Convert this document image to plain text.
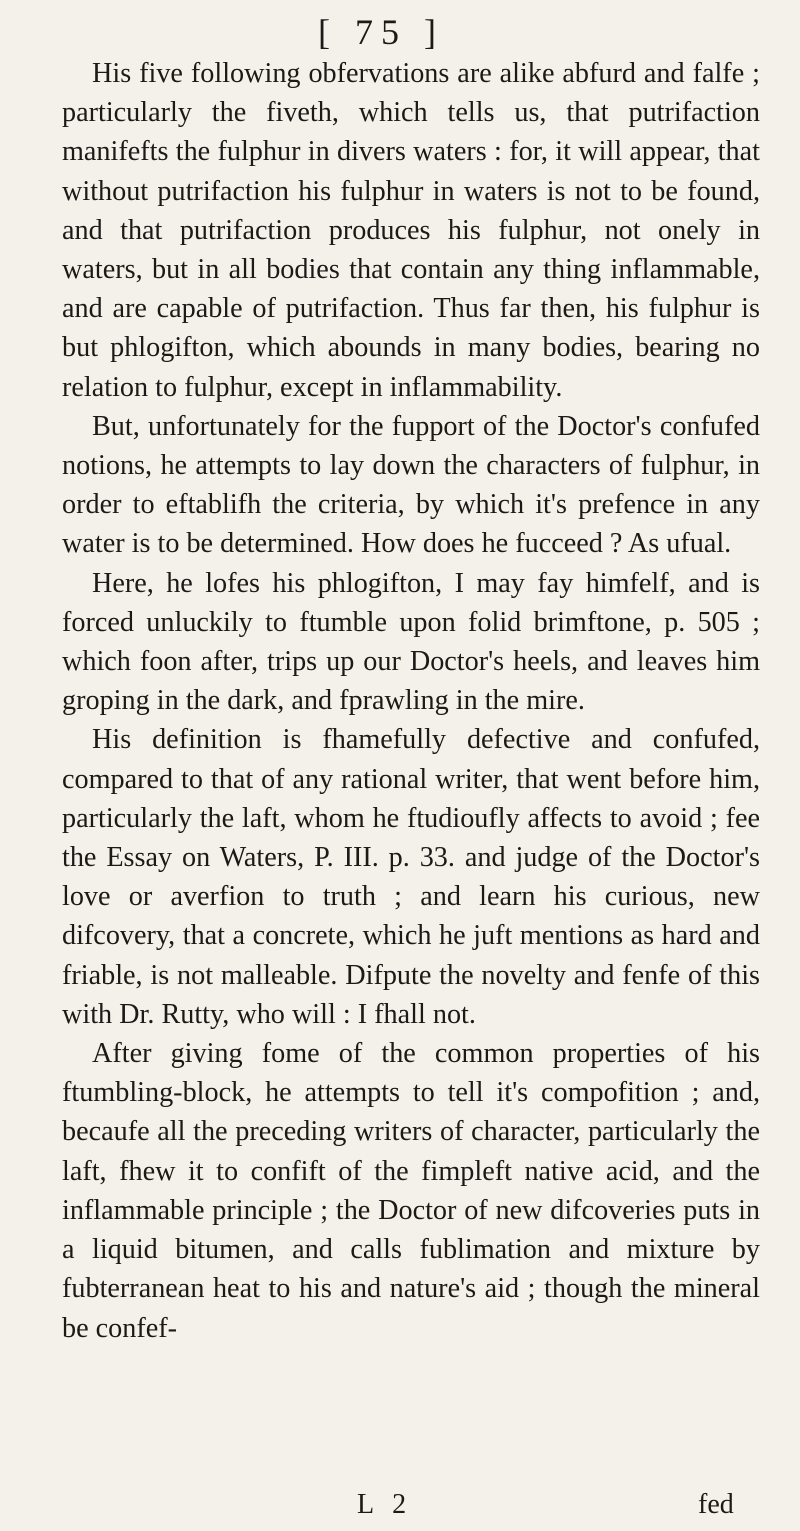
[ 75 ]

His five following obfervations are alike abfurd and falfe ; particularly the fiveth, which tells us, that putrifaction manifefts the fulphur in divers waters : for, it will appear, that without putrifaction his fulphur in waters is not to be found, and that putrifaction produces his fulphur, not onely in waters, but in all bodies that contain any thing inflammable, and are capable of putrifaction. Thus far then, his fulphur is but phlogifton, which abounds in many bodies, bearing no relation to fulphur, except in inflammability.

But, unfortunately for the fupport of the Doctor's confufed notions, he attempts to lay down the characters of fulphur, in order to eftablifh the criteria, by which it's prefence in any water is to be determined. How does he fucceed ? As ufual.

Here, he lofes his phlogifton, I may fay himfelf, and is forced unluckily to ftumble upon folid brimftone, p. 505 ; which foon after, trips up our Doctor's heels, and leaves him groping in the dark, and fprawling in the mire.

His definition is fhamefully defective and confufed, compared to that of any rational writer, that went before him, particularly the laft, whom he ftudioufly affects to avoid ; fee the Essay on Waters, P. III. p. 33. and judge of the Doctor's love or averfion to truth ; and learn his curious, new difcovery, that a concrete, which he juft mentions as hard and friable, is not malleable. Difpute the novelty and fenfe of this with Dr. Rutty, who will : I fhall not.

After giving fome of the common properties of his ftumbling-block, he attempts to tell it's compofition ; and, becaufe all the preceding writers of character, particularly the laft, fhew it to confift of the fimpleft native acid, and the inflammable principle ; the Doctor of new difcoveries puts in a liquid bitumen, and calls fublimation and mixture by fubterranean heat to his and nature's aid ; though the mineral be confef-

L 2	fed
